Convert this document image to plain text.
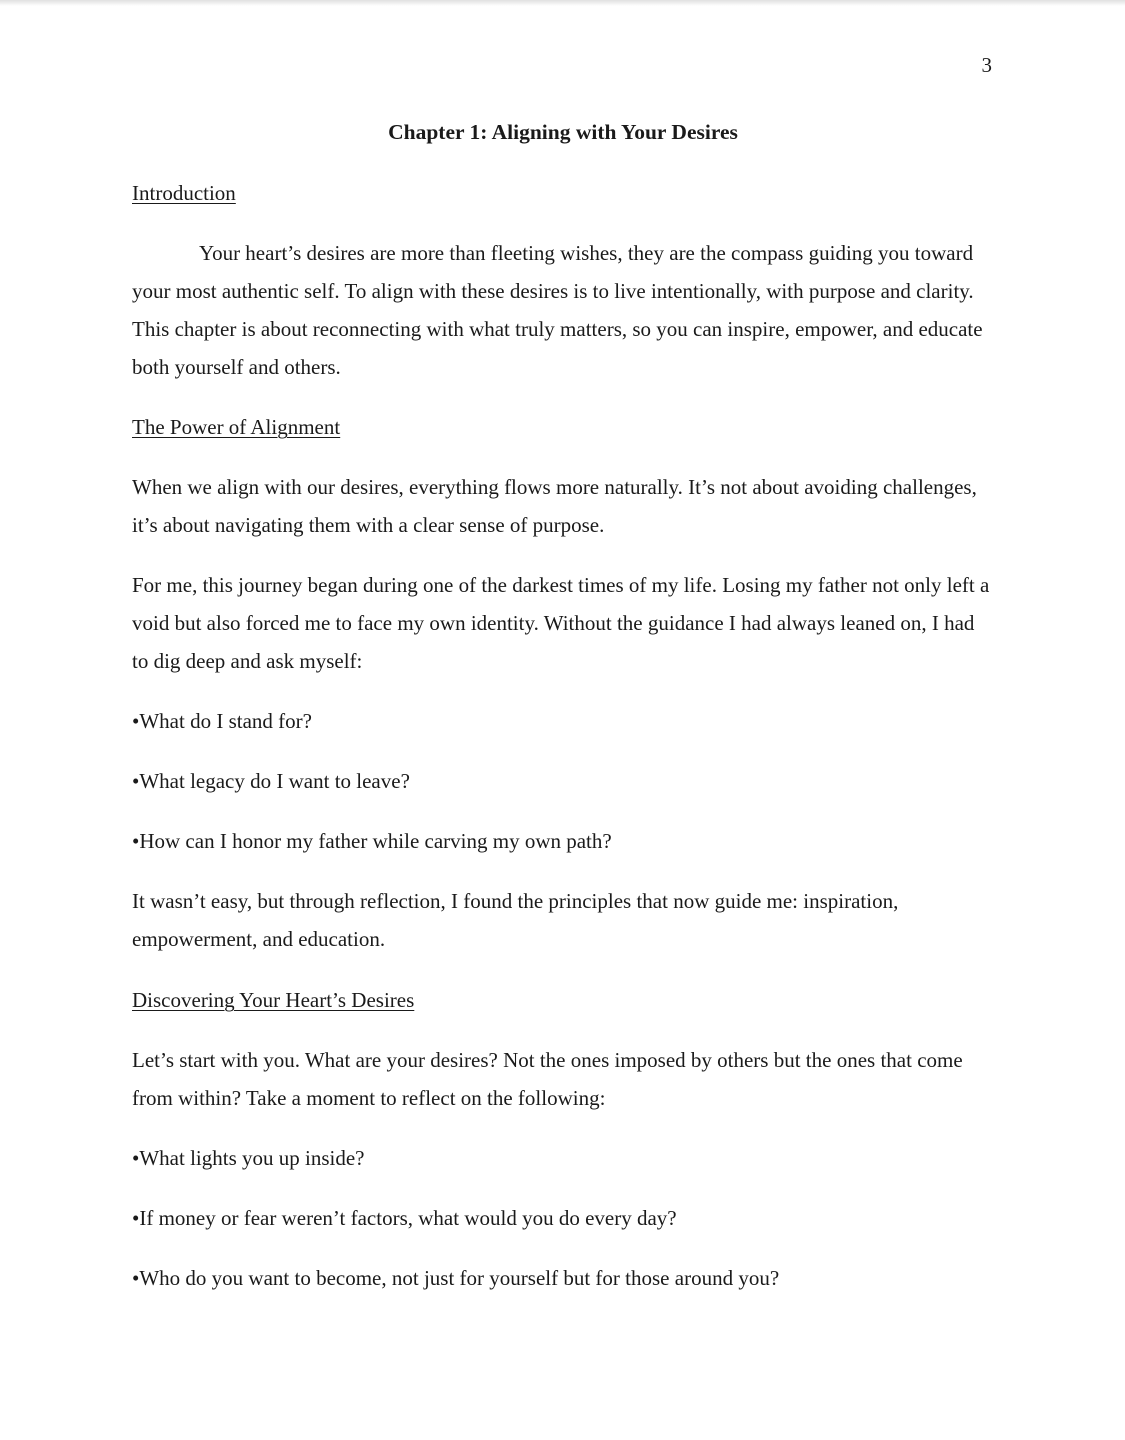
3
Chapter 1: Aligning with Your Desires
Introduction

Your heart’s desires are more than fleeting wishes, they are the compass guiding you toward your most authentic self. To align with these desires is to live intentionally, with purpose and clarity. This chapter is about reconnecting with what truly matters, so you can inspire, empower, and educate both yourself and others.

The Power of Alignment

When we align with our desires, everything flows more naturally. It’s not about avoiding challenges, it’s about navigating them with a clear sense of purpose.

For me, this journey began during one of the darkest times of my life. Losing my father not only left a void but also forced me to face my own identity. Without the guidance I had always leaned on, I had to dig deep and ask myself:

•What do I stand for?

•What legacy do I want to leave?

•How can I honor my father while carving my own path?

It wasn’t easy, but through reflection, I found the principles that now guide me: inspiration, empowerment, and education.

Discovering Your Heart’s Desires

Let’s start with you. What are your desires? Not the ones imposed by others but the ones that come from within? Take a moment to reflect on the following:

•What lights you up inside?

•If money or fear weren’t factors, what would you do every day?

•Who do you want to become, not just for yourself but for those around you?
